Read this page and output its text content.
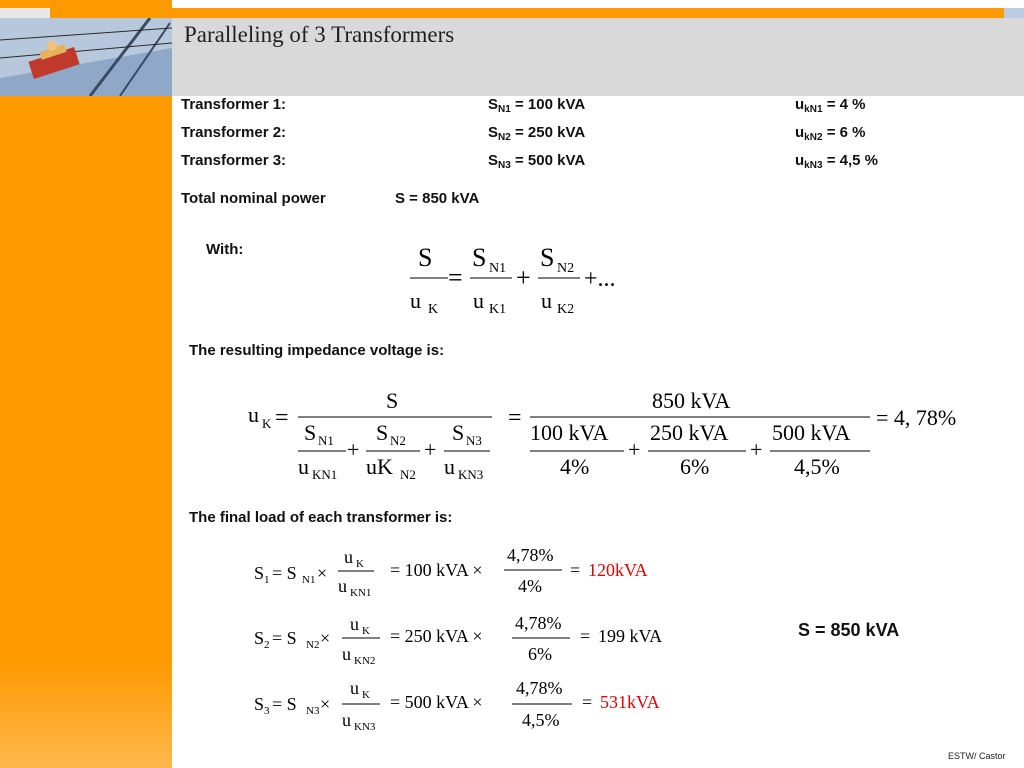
Paralleling of 3 Transformers
Transformer 1:	$S_{N1} = 100$ kVA	$u_{kN1} = 4$ %
Transformer 2:	$S_{N2} = 250$ kVA	$u_{kN2} = 6$ %
Transformer 3:	$S_{N3} = 500$ kVA	$u_{kN3} = 4,5$ %
Total nominal power	S = 850 kVA
With:	S
u K
=
S N1
u K1
+
S N2
u K2
+...
The resulting impedance voltage is:
u K =
S
S N1
u KN1
+
S N2
uK N2
+
S N3
u KN3
=
850 kVA
100 kVA
4%
+
250 kVA
6%
+
500 kVA
4,5%
= 4, 78%
The final load of each transformer is:
S 1 = S N1 ×
u K
u KN1
= 100 kVA ×
4,78%
4%
= 120kVA
S 2 = S N2 ×
u K
u KN2
= 250 kVA ×
4,78%
6%
= 199 kVA
S 3 = S N3 ×
u K
u KN3
= 500 kVA ×
4,78%
4,5%
= 531kVA
S = 850 kVA
ESTW/ Castor
